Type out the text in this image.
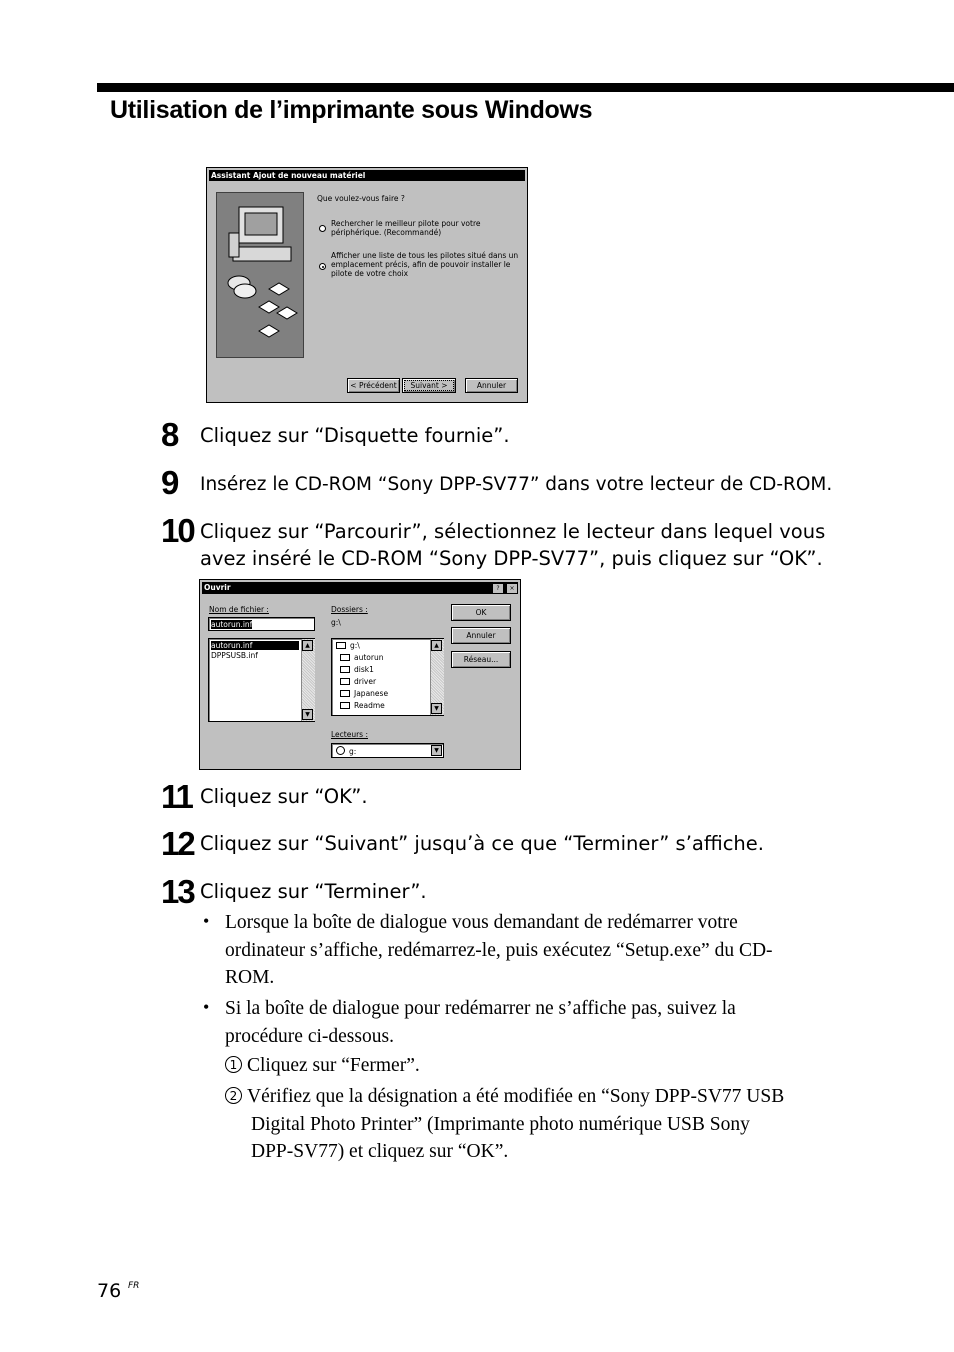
Utilisation de l’imprimante sous Windows
Assistant Ajout de nouveau matériel
Que voulez-vous faire ?
Rechercher le meilleur pilote pour votre
périphérique. (Recommandé)
Afficher une liste de tous les pilotes situé dans un
emplacement précis, afin de pouvoir installer le
pilote de votre choix
< Précédent	Suivant >	Annuler
8 Cliquez sur “Disquette fournie”.
9 Insérez le CD-ROM “Sony DPP-SV77” dans votre lecteur de CD-ROM.
10 Cliquez sur “Parcourir”, sélectionnez le lecteur dans lequel vous
avez inséré le CD-ROM “Sony DPP-SV77”, puis cliquez sur “OK”.
Ouvrir	?	×
Nom de fichier :
autorun.inf
autorun.inf
DPPSUSB.inf
▲
▼
Dossiers :
g:\
g:\
autorun
disk1
driver
Japanese
Readme
▲
▼
Lecteurs :
g:	▼
OK
Annuler
Réseau...
11 Cliquez sur “OK”.
12 Cliquez sur “Suivant” jusqu’à ce que “Terminer” s’affiche.
13 Cliquez sur “Terminer”.
• Lorsque la boîte de dialogue vous demandant de redémarrer votre
ordinateur s’affiche, redémarrez-le, puis exécutez “Setup.exe” du CD-
ROM.
• Si la boîte de dialogue pour redémarrer ne s’affiche pas, suivez la
procédure ci-dessous.
1 Cliquez sur “Fermer”.
2 Vérifiez que la désignation a été modifiée en “Sony DPP-SV77 USB
Digital Photo Printer” (Imprimante photo numérique USB Sony
DPP-SV77) et cliquez sur “OK”.
76 FR
